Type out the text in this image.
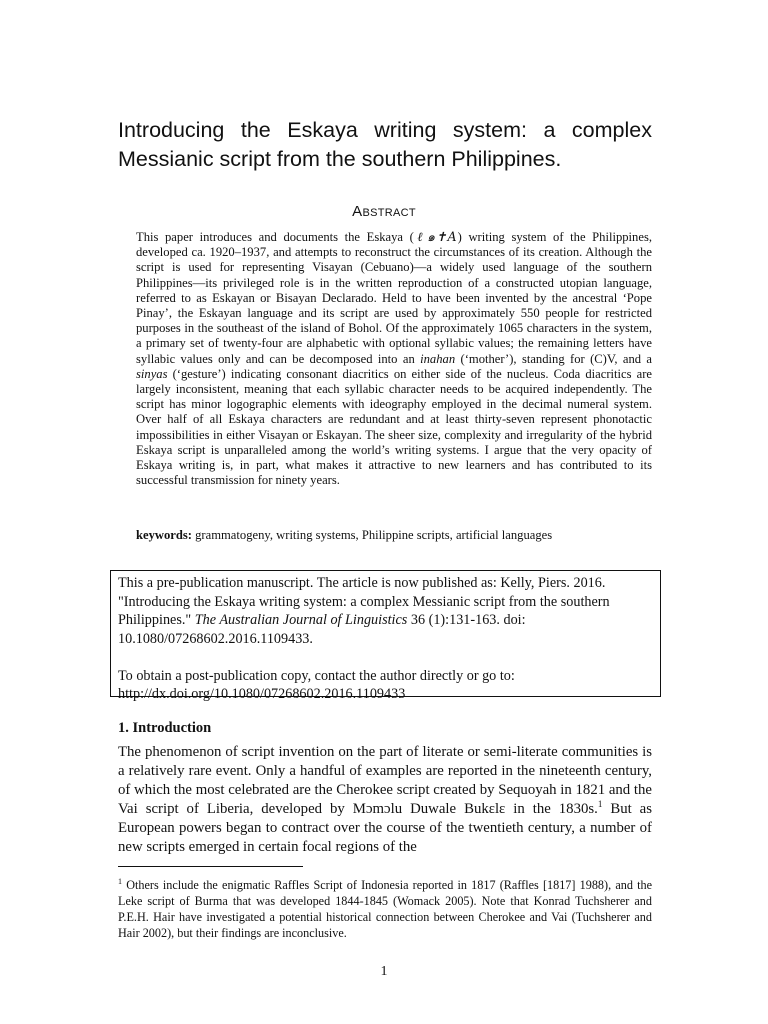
Introducing the Eskaya writing system: a complex Messianic script from the southern Philippines.
ABSTRACT

This paper introduces and documents the Eskaya (ℓ๑✝A) writing system of the Philippines, developed ca. 1920–1937, and attempts to reconstruct the circumstances of its creation. Although the script is used for representing Visayan (Cebuano)—a widely used language of the southern Philippines—its privileged role is in the written reproduction of a constructed utopian language, referred to as Eskayan or Bisayan Declarado. Held to have been invented by the ancestral ‘Pope Pinay’, the Eskayan language and its script are used by approximately 550 people for restricted purposes in the southeast of the island of Bohol. Of the approximately 1065 characters in the system, a primary set of twenty-four are alphabetic with optional syllabic values; the remaining letters have syllabic values only and can be decomposed into an inahan (‘mother’), standing for (C)V, and a sinyas (‘gesture’) indicating consonant diacritics on either side of the nucleus. Coda diacritics are largely inconsistent, meaning that each syllabic character needs to be acquired independently. The script has minor logographic elements with ideography employed in the decimal numeral system. Over half of all Eskaya characters are redundant and at least thirty-seven represent phonotactic impossibilities in either Visayan or Eskayan. The sheer size, complexity and irregularity of the hybrid Eskaya script is unparalleled among the world’s writing systems. I argue that the very opacity of Eskaya writing is, in part, what makes it attractive to new learners and has contributed to its successful transmission for ninety years.

keywords: grammatogeny, writing systems, Philippine scripts, artificial languages

This a pre-publication manuscript. The article is now published as: Kelly, Piers. 2016. "Introducing the Eskaya writing system: a complex Messianic script from the southern Philippines." The Australian Journal of Linguistics 36 (1):131-163. doi: 10.1080/07268602.2016.1109433.

To obtain a post-publication copy, contact the author directly or go to: http://dx.doi.org/10.1080/07268602.2016.1109433

1. Introduction

The phenomenon of script invention on the part of literate or semi-literate communities is a relatively rare event. Only a handful of examples are reported in the nineteenth century, of which the most celebrated are the Cherokee script created by Sequoyah in 1821 and the Vai script of Liberia, developed by Mɔmɔlu Duwale Bukɛlɛ in the 1830s.$^1$ But as European powers began to contract over the course of the twentieth century, a number of new scripts emerged in certain focal regions of the

$^1$ Others include the enigmatic Raffles Script of Indonesia reported in 1817 (Raffles [1817] 1988), and the Leke script of Burma that was developed 1844-1845 (Womack 2005). Note that Konrad Tuchsherer and P.E.H. Hair have investigated a potential historical connection between Cherokee and Vai (Tuchsherer and Hair 2002), but their findings are inconclusive.

1
